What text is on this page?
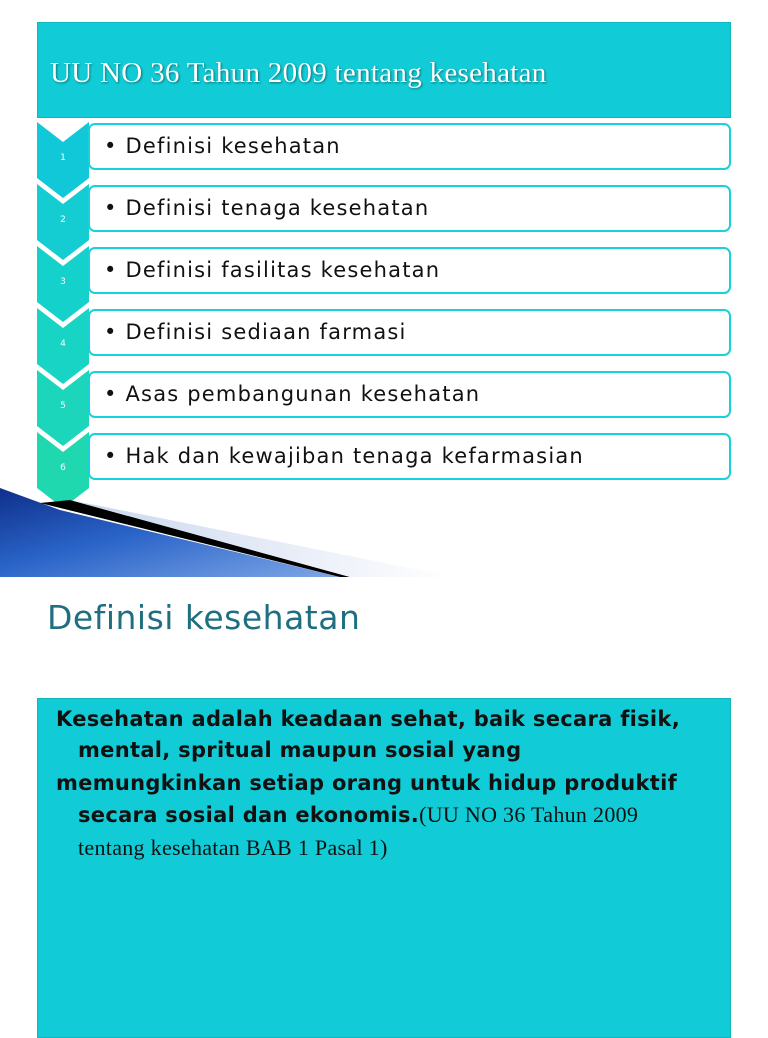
UU NO 36 Tahun 2009 tentang kesehatan
1	• Definisi kesehatan
2	• Definisi tenaga kesehatan
3	• Definisi fasilitas kesehatan
4	• Definisi sediaan farmasi
5	• Asas pembangunan kesehatan
6	• Hak dan kewajiban tenaga kefarmasian
Definisi kesehatan
Kesehatan adalah keadaan sehat, baik secara fisik,
mental, spritual maupun sosial yang
memungkinkan setiap orang untuk hidup produktif
secara sosial dan ekonomis.(UU NO 36 Tahun 2009
tentang kesehatan BAB 1 Pasal 1)
